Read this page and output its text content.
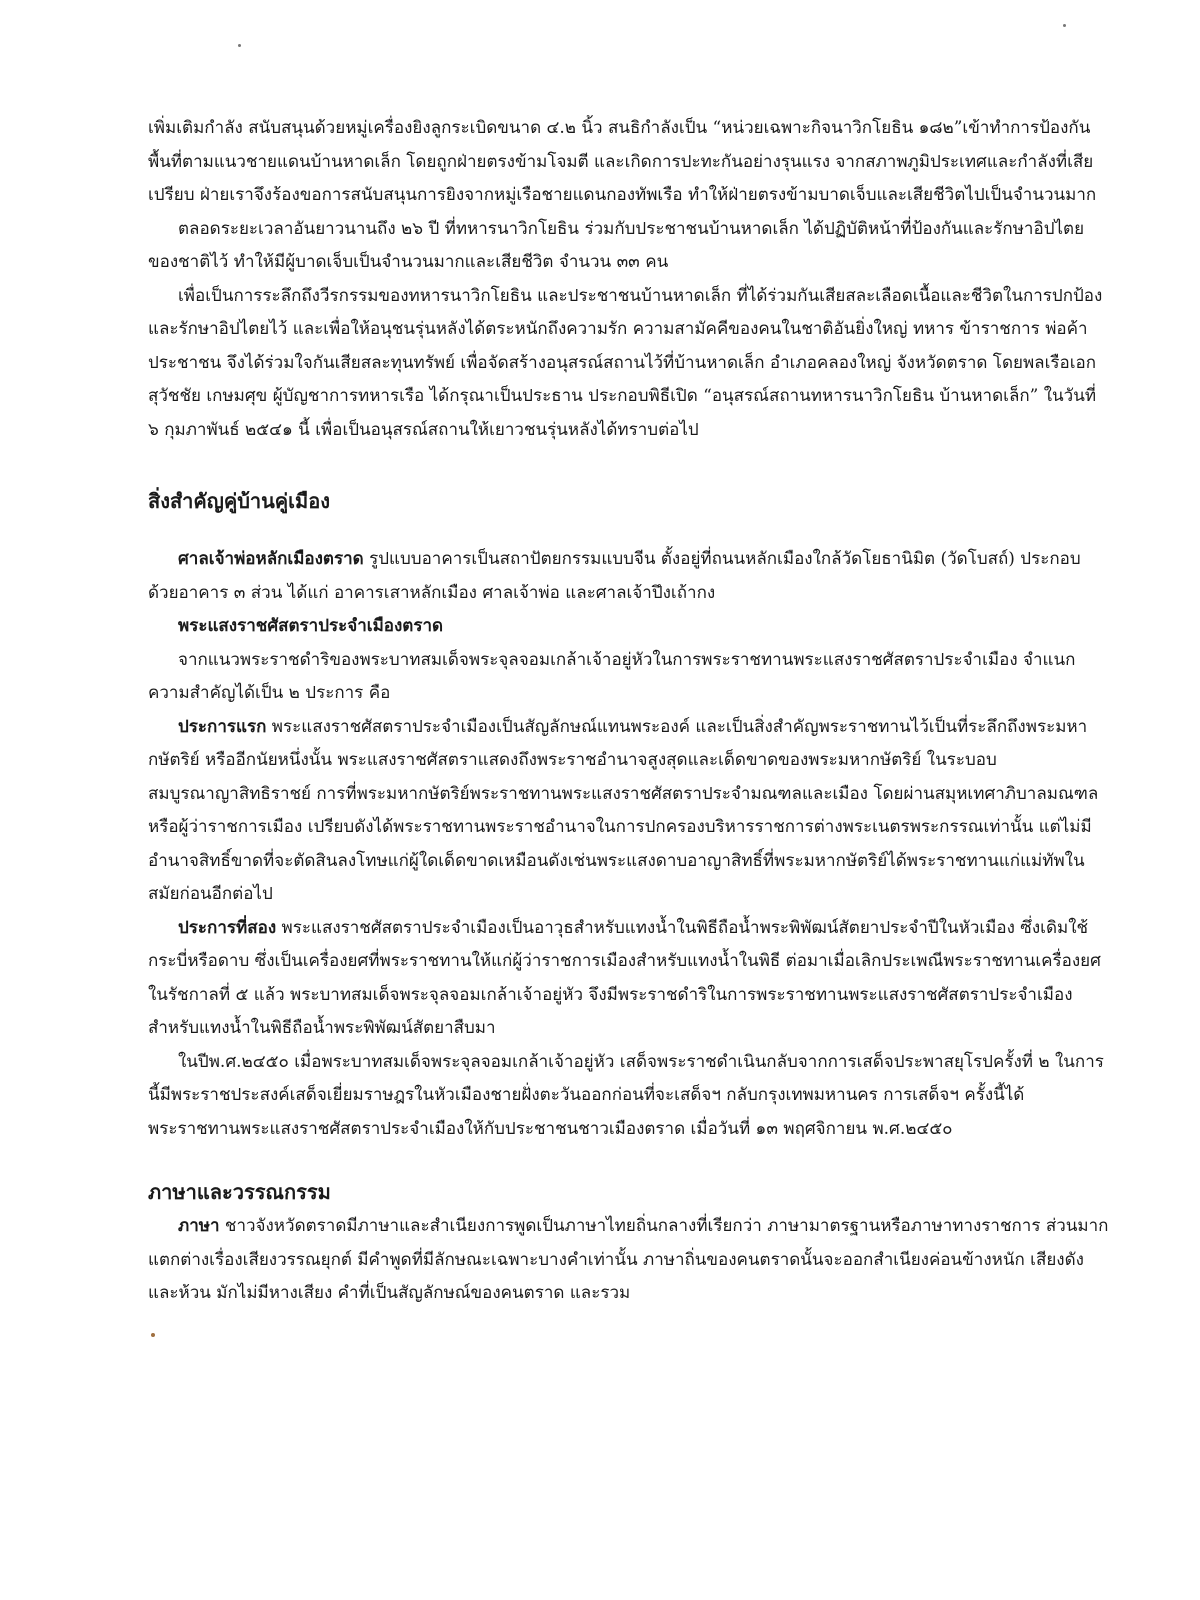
เพิ่มเติมกำลัง สนับสนุนด้วยหมู่เครื่องยิงลูกระเบิดขนาด ๔.๒ นิ้ว สนธิกำลังเป็น “หน่วยเฉพาะกิจนาวิกโยธิน ๑๘๒”เข้าทำการป้องกันพื้นที่ตามแนวชายแดนบ้านหาดเล็ก โดยถูกฝ่ายตรงข้ามโจมตี และเกิดการปะทะกันอย่างรุนแรง จากสภาพภูมิประเทศและกำลังที่เสียเปรียบ ฝ่ายเราจึงร้องขอการสนับสนุนการยิงจากหมู่เรือชายแดนกองทัพเรือ ทำให้ฝ่ายตรงข้ามบาดเจ็บและเสียชีวิตไปเป็นจำนวนมาก

ตลอดระยะเวลาอันยาวนานถึง ๒๖ ปี ที่ทหารนาวิกโยธิน ร่วมกับประชาชนบ้านหาดเล็ก ได้ปฏิบัติหน้าที่ป้องกันและรักษาอิปไตยของชาติไว้ ทำให้มีผู้บาดเจ็บเป็นจำนวนมากและเสียชีวิต จำนวน ๓๓ คน

เพื่อเป็นการระลึกถึงวีรกรรมของทหารนาวิกโยธิน และประชาชนบ้านหาดเล็ก ที่ได้ร่วมกันเสียสละเลือดเนื้อและชีวิตในการปกป้องและรักษาอิปไตยไว้ และเพื่อให้อนุชนรุ่นหลังได้ตระหนักถึงความรัก ความสามัคคีของคนในชาติอันยิ่งใหญ่ ทหาร ข้าราชการ พ่อค้า ประชาชน จึงได้ร่วมใจกันเสียสละทุนทรัพย์ เพื่อจัดสร้างอนุสรณ์สถานไว้ที่บ้านหาดเล็ก อำเภอคลองใหญ่ จังหวัดตราด โดยพลเรือเอก สุวัชชัย เกษมศุข ผู้บัญชาการทหารเรือ ได้กรุณาเป็นประธาน ประกอบพิธีเปิด “อนุสรณ์สถานทหารนาวิกโยธิน บ้านหาดเล็ก” ในวันที่ ๖ กุมภาพันธ์ ๒๕๔๑ นี้ เพื่อเป็นอนุสรณ์สถานให้เยาวชนรุ่นหลังได้ทราบต่อไป

สิ่งสำคัญคู่บ้านคู่เมือง

ศาลเจ้าพ่อหลักเมืองตราด รูปแบบอาคารเป็นสถาปัตยกรรมแบบจีน ตั้งอยู่ที่ถนนหลักเมืองใกล้วัดโยธานิมิต (วัดโบสถ์) ประกอบด้วยอาคาร ๓ ส่วน ได้แก่ อาคารเสาหลักเมือง ศาลเจ้าพ่อ และศาลเจ้าปึงเถ้ากง

พระแสงราชศัสตราประจำเมืองตราด

จากแนวพระราชดำริของพระบาทสมเด็จพระจุลจอมเกล้าเจ้าอยู่หัวในการพระราชทานพระแสงราชศัสตราประจำเมือง จำแนกความสำคัญได้เป็น ๒ ประการ คือ

ประการแรก พระแสงราชศัสตราประจำเมืองเป็นสัญลักษณ์แทนพระองค์ และเป็นสิ่งสำคัญพระราชทานไว้เป็นที่ระลึกถึงพระมหากษัตริย์ หรืออีกนัยหนึ่งนั้น พระแสงราชศัสตราแสดงถึงพระราชอำนาจสูงสุดและเด็ดขาดของพระมหากษัตริย์ ในระบอบสมบูรณาญาสิทธิราชย์ การที่พระมหากษัตริย์พระราชทานพระแสงราชศัสตราประจำมณฑลและเมือง โดยผ่านสมุหเทศาภิบาลมณฑล หรือผู้ว่าราชการเมือง เปรียบดังได้พระราชทานพระราชอำนาจในการปกครองบริหารราชการต่างพระเนตรพระกรรณเท่านั้น แต่ไม่มีอำนาจสิทธิ์ขาดที่จะตัดสินลงโทษแก่ผู้ใดเด็ดขาดเหมือนดังเช่นพระแสงดาบอาญาสิทธิ์ที่พระมหากษัตริย์ได้พระราชทานแก่แม่ทัพในสมัยก่อนอีกต่อไป

ประการที่สอง พระแสงราชศัสตราประจำเมืองเป็นอาวุธสำหรับแทงน้ำในพิธีถือน้ำพระพิพัฒน์สัตยาประจำปีในหัวเมือง ซึ่งเดิมใช้กระบี่หรือดาบ ซึ่งเป็นเครื่องยศที่พระราชทานให้แก่ผู้ว่าราชการเมืองสำหรับแทงน้ำในพิธี ต่อมาเมื่อเลิกประเพณีพระราชทานเครื่องยศในรัชกาลที่ ๕ แล้ว พระบาทสมเด็จพระจุลจอมเกล้าเจ้าอยู่หัว จึงมีพระราชดำริในการพระราชทานพระแสงราชศัสตราประจำเมืองสำหรับแทงน้ำในพิธีถือน้ำพระพิพัฒน์สัตยาสืบมา

ในปีพ.ศ.๒๔๕๐ เมื่อพระบาทสมเด็จพระจุลจอมเกล้าเจ้าอยู่หัว เสด็จพระราชดำเนินกลับจากการเสด็จประพาสยุโรปครั้งที่ ๒ ในการนี้มีพระราชประสงค์เสด็จเยี่ยมราษฎรในหัวเมืองชายฝั่งตะวันออกก่อนที่จะเสด็จฯ กลับกรุงเทพมหานคร การเสด็จฯ ครั้งนี้ได้พระราชทานพระแสงราชศัสตราประจำเมืองให้กับประชาชนชาวเมืองตราด เมื่อวันที่ ๑๓ พฤศจิกายน พ.ศ.๒๔๕๐

ภาษาและวรรณกรรม

ภาษา ชาวจังหวัดตราดมีภาษาและสำเนียงการพูดเป็นภาษาไทยถิ่นกลางที่เรียกว่า ภาษามาตรฐานหรือภาษาทางราชการ ส่วนมากแตกต่างเรื่องเสียงวรรณยุกต์ มีคำพูดที่มีลักษณะเฉพาะบางคำเท่านั้น ภาษาถิ่นของคนตราดนั้นจะออกสำเนียงค่อนข้างหนัก เสียงดัง และห้วน มักไม่มีหางเสียง คำที่เป็นสัญลักษณ์ของคนตราด และรวม
